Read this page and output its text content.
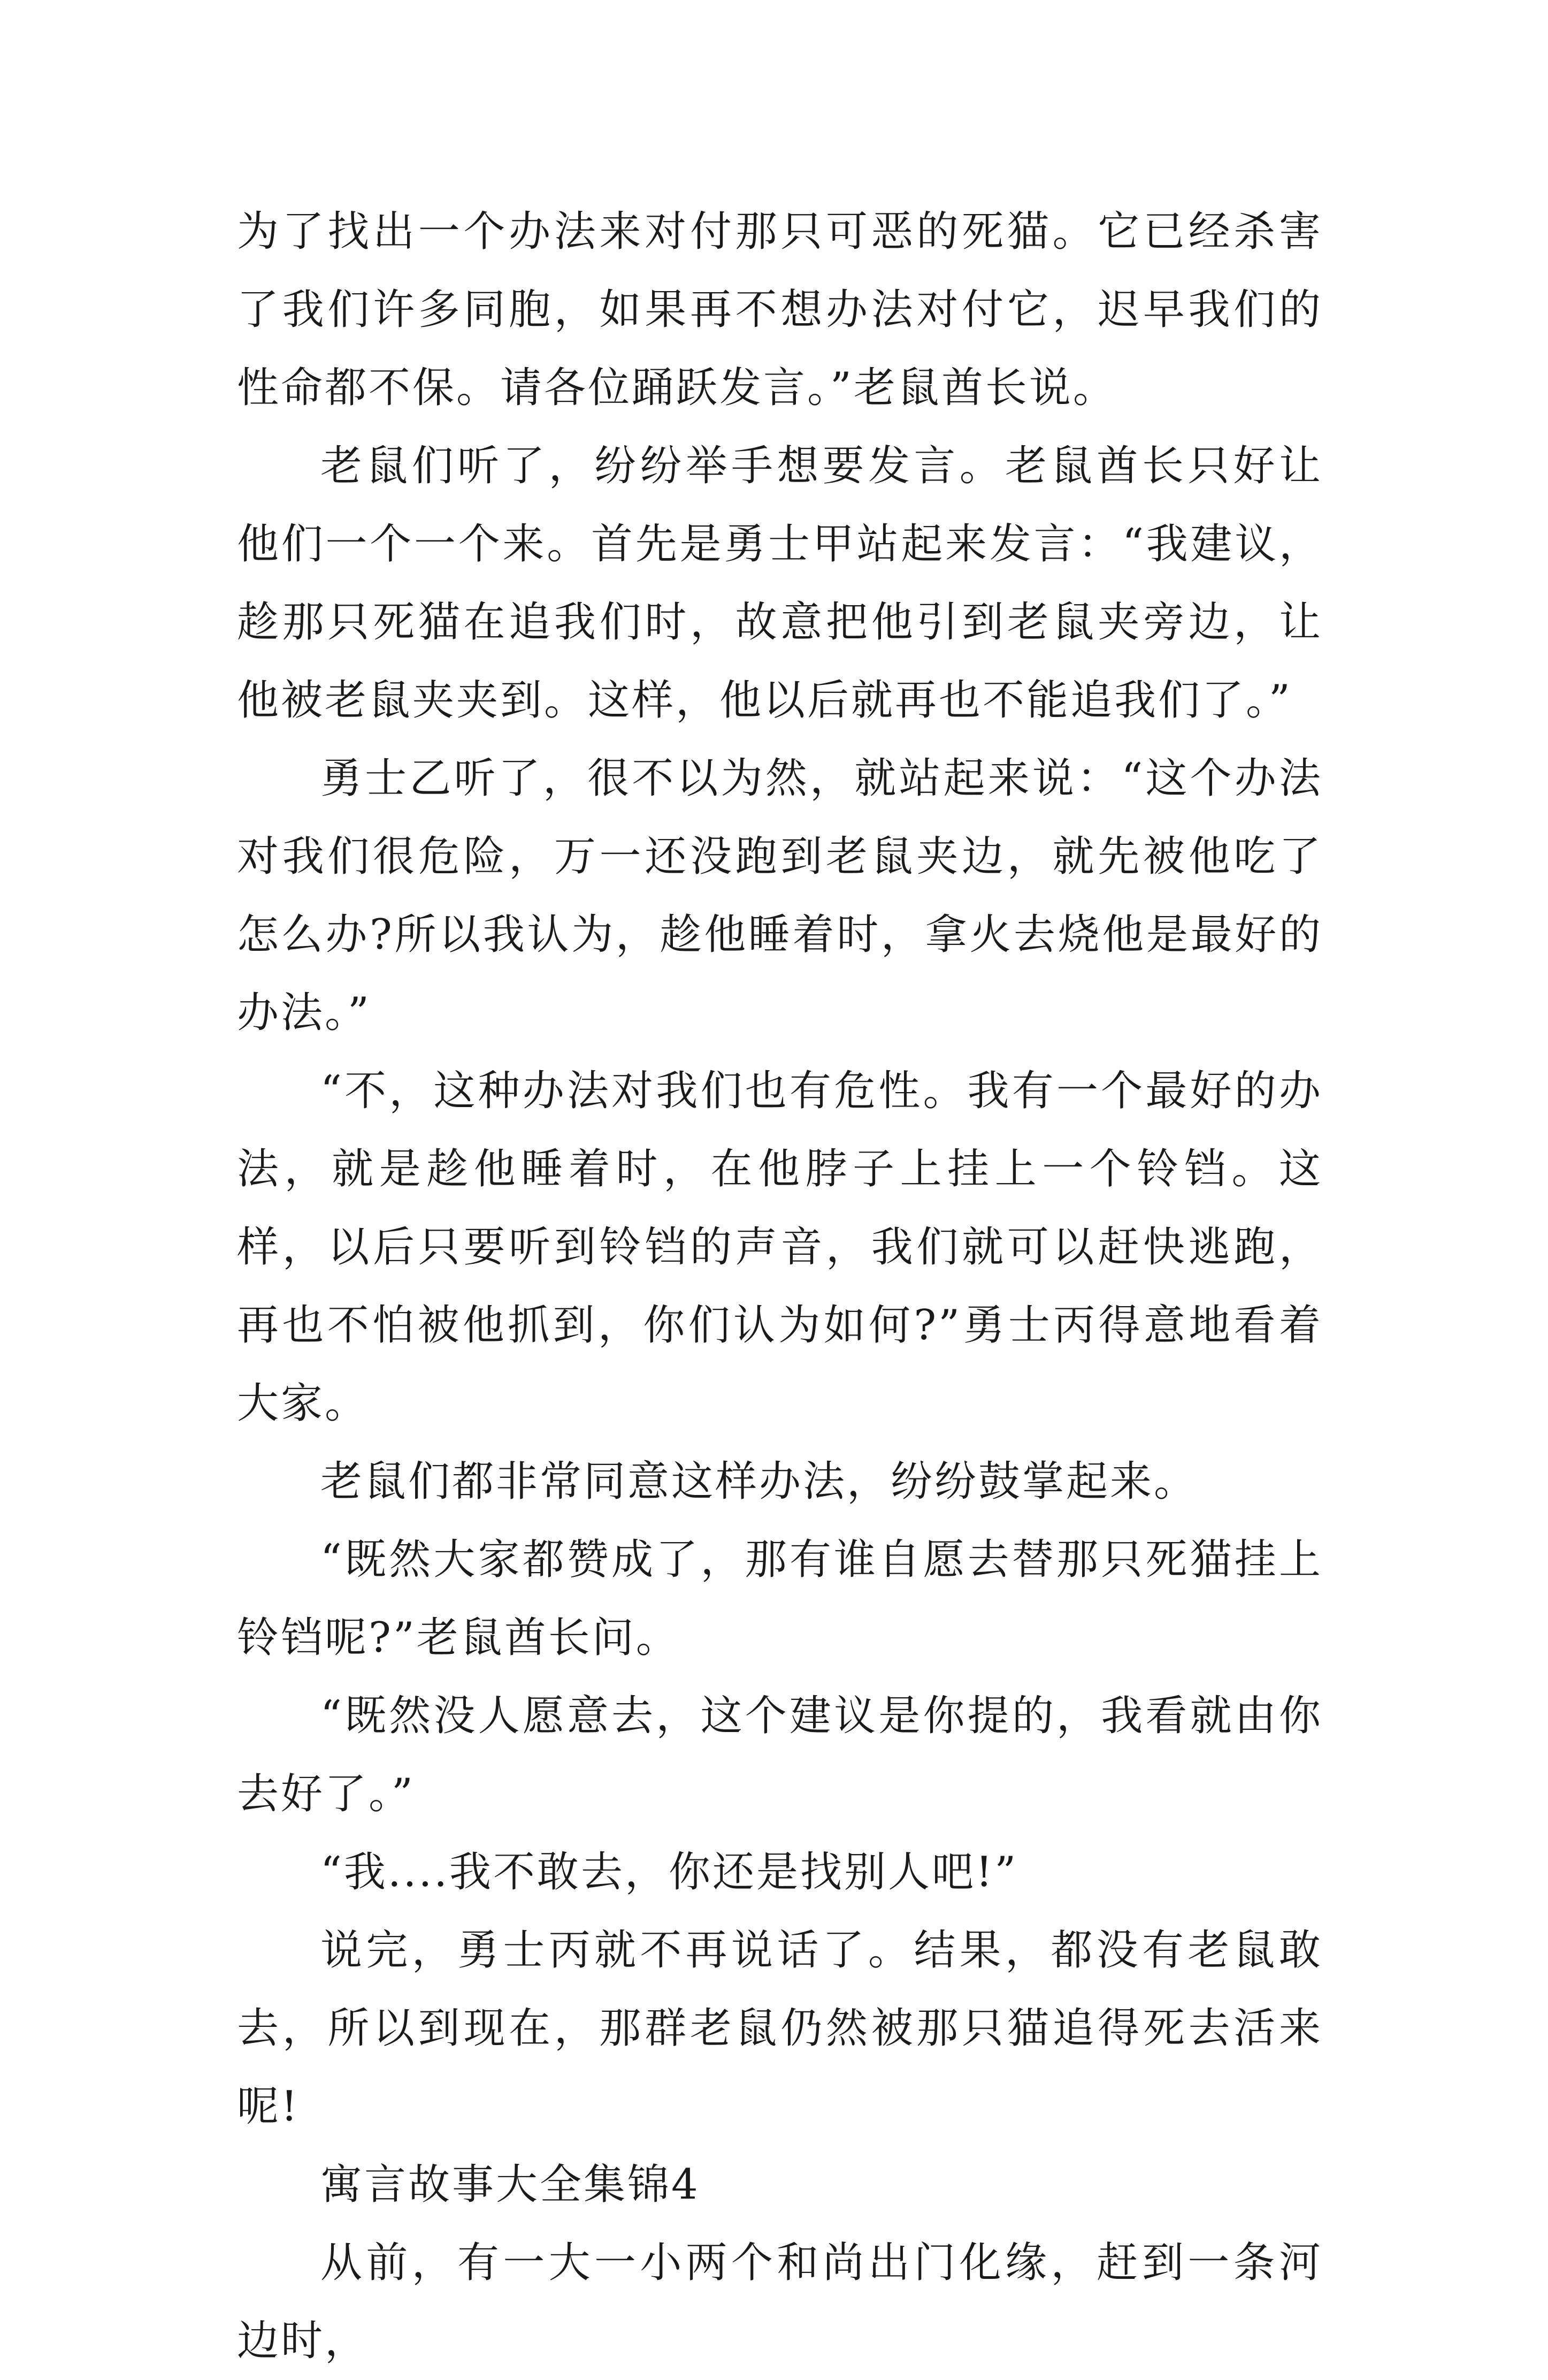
为了找出一个办法来对付那只可恶的死猫。它已经杀害了我们许多同胞，如果再不想办法对付它，迟早我们的性命都不保。请各位踊跃发言。”老鼠酋长说。

老鼠们听了，纷纷举手想要发言。老鼠酋长只好让他们一个一个来。首先是勇士甲站起来发言：“我建议，趁那只死猫在追我们时，故意把他引到老鼠夹旁边，让他被老鼠夹夹到。这样，他以后就再也不能追我们了。”

勇士乙听了，很不以为然，就站起来说：“这个办法对我们很危险，万一还没跑到老鼠夹边，就先被他吃了怎么办?所以我认为，趁他睡着时，拿火去烧他是最好的办法。”

“不，这种办法对我们也有危性。我有一个最好的办法，就是趁他睡着时，在他脖子上挂上一个铃铛。这样，以后只要听到铃铛的声音，我们就可以赶快逃跑，再也不怕被他抓到，你们认为如何?”勇士丙得意地看着大家。

老鼠们都非常同意这样办法，纷纷鼓掌起来。

“既然大家都赞成了，那有谁自愿去替那只死猫挂上铃铛呢?”老鼠酋长问。

“既然没人愿意去，这个建议是你提的，我看就由你去好了。”

“我....我不敢去，你还是找别人吧!”

说完，勇士丙就不再说话了。结果，都没有老鼠敢去，所以到现在，那群老鼠仍然被那只猫追得死去活来呢!

寓言故事大全集锦4

从前，有一大一小两个和尚出门化缘，赶到一条河边时，
